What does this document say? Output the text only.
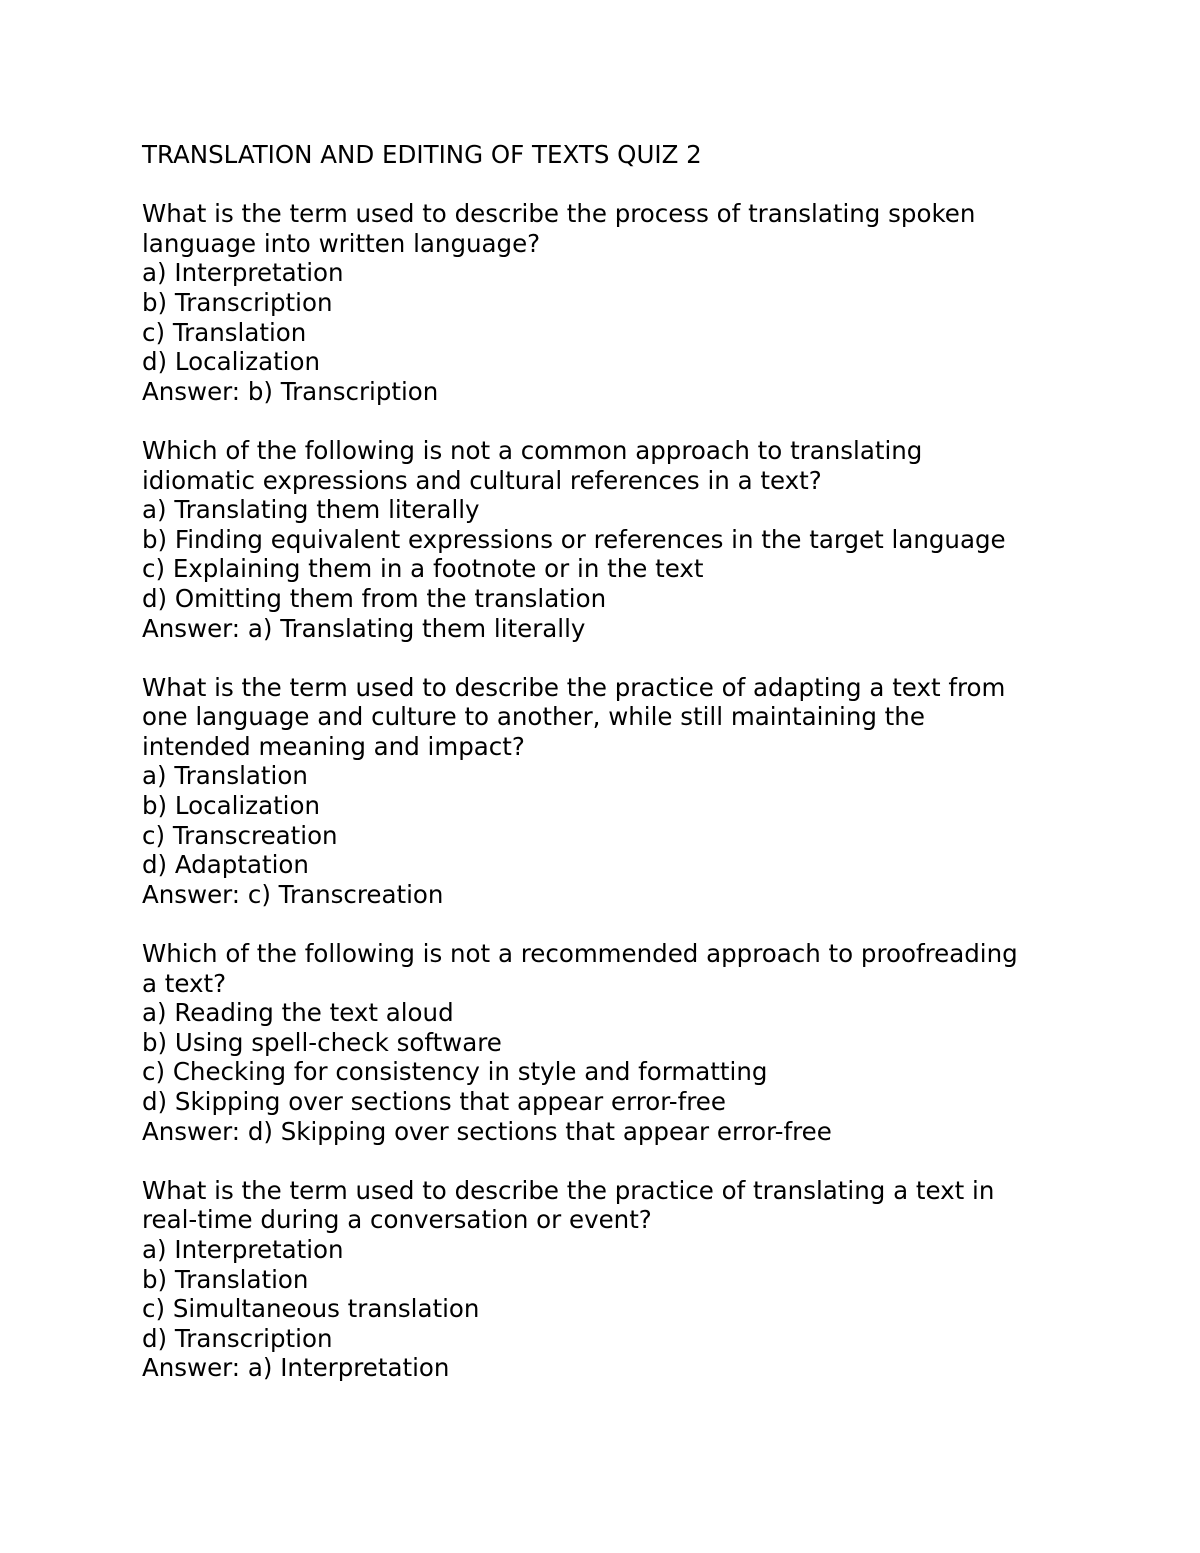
TRANSLATION AND EDITING OF TEXTS QUIZ 2
What is the term used to describe the process of translating spoken
language into written language?
a) Interpretation
b) Transcription
c) Translation
d) Localization
Answer: b) Transcription
Which of the following is not a common approach to translating
idiomatic expressions and cultural references in a text?
a) Translating them literally
b) Finding equivalent expressions or references in the target language
c) Explaining them in a footnote or in the text
d) Omitting them from the translation
Answer: a) Translating them literally
What is the term used to describe the practice of adapting a text from
one language and culture to another, while still maintaining the
intended meaning and impact?
a) Translation
b) Localization
c) Transcreation
d) Adaptation
Answer: c) Transcreation
Which of the following is not a recommended approach to proofreading
a text?
a) Reading the text aloud
b) Using spell-check software
c) Checking for consistency in style and formatting
d) Skipping over sections that appear error-free
Answer: d) Skipping over sections that appear error-free
What is the term used to describe the practice of translating a text in
real-time during a conversation or event?
a) Interpretation
b) Translation
c) Simultaneous translation
d) Transcription
Answer: a) Interpretation
